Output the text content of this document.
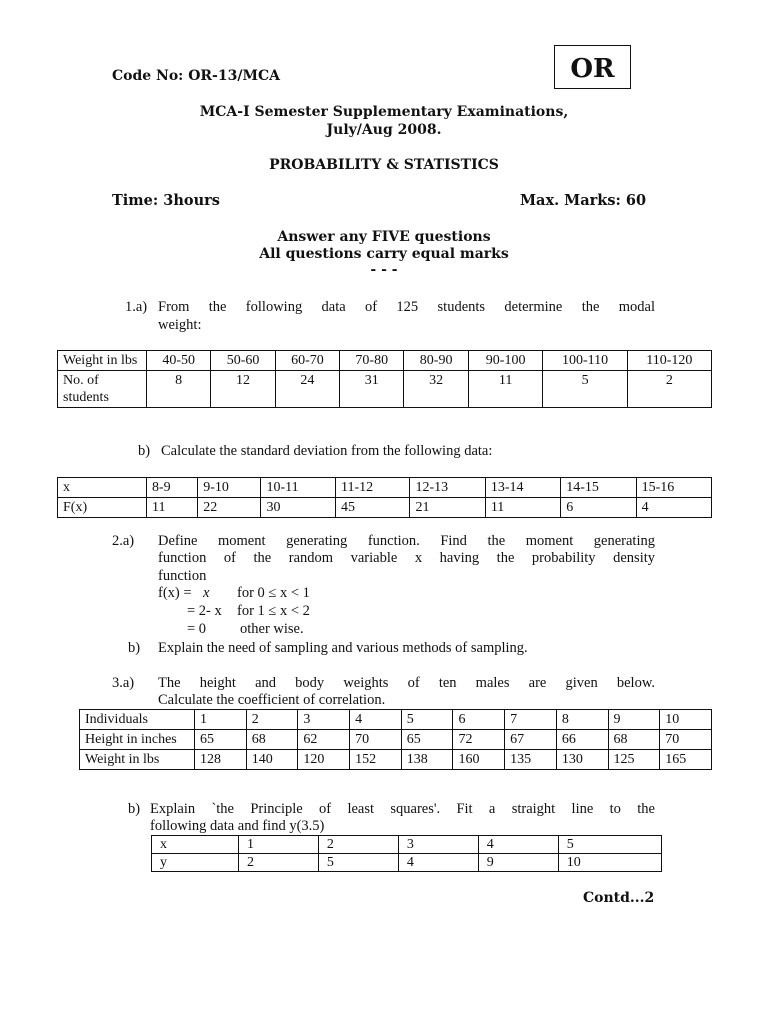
Code No: OR-13/MCA	OR
MCA-I Semester Supplementary Examinations,
July/Aug 2008.
PROBABILITY & STATISTICS
Time: 3hours	Max. Marks: 60
Answer any FIVE questions
All questions carry equal marks
- - -
1.a) From the following data of 125 students determine the modal
weight:
Weight in lbs	40-50	50-60	60-70	70-80	80-90	90-100	100-110	110-120
No. of students	8	12	24	31	32	11	5	2
b) Calculate the standard deviation from the following data:
x	8-9	9-10	10-11	11-12	12-13	13-14	14-15	15-16
F(x)	11	22	30	45	21	11	6	4
2.a) Define moment generating function. Find the moment generating
function of the random variable x having the probability density
function
f(x) = x for 0 ≤ x < 1
= 2- x for 1 ≤ x < 2
= 0 other wise.
b) Explain the need of sampling and various methods of sampling.
3.a) The height and body weights of ten males are given below.
Calculate the coefficient of correlation.
Individuals	1	2	3	4	5	6	7	8	9	10
Height in inches	65	68	62	70	65	72	67	66	68	70
Weight in lbs	128	140	120	152	138	160	135	130	125	165
b) Explain `the Principle of least squares'. Fit a straight line to the
following data and find y(3.5)
x	1	2	3	4	5
y	2	5	4	9	10
Contd...2
